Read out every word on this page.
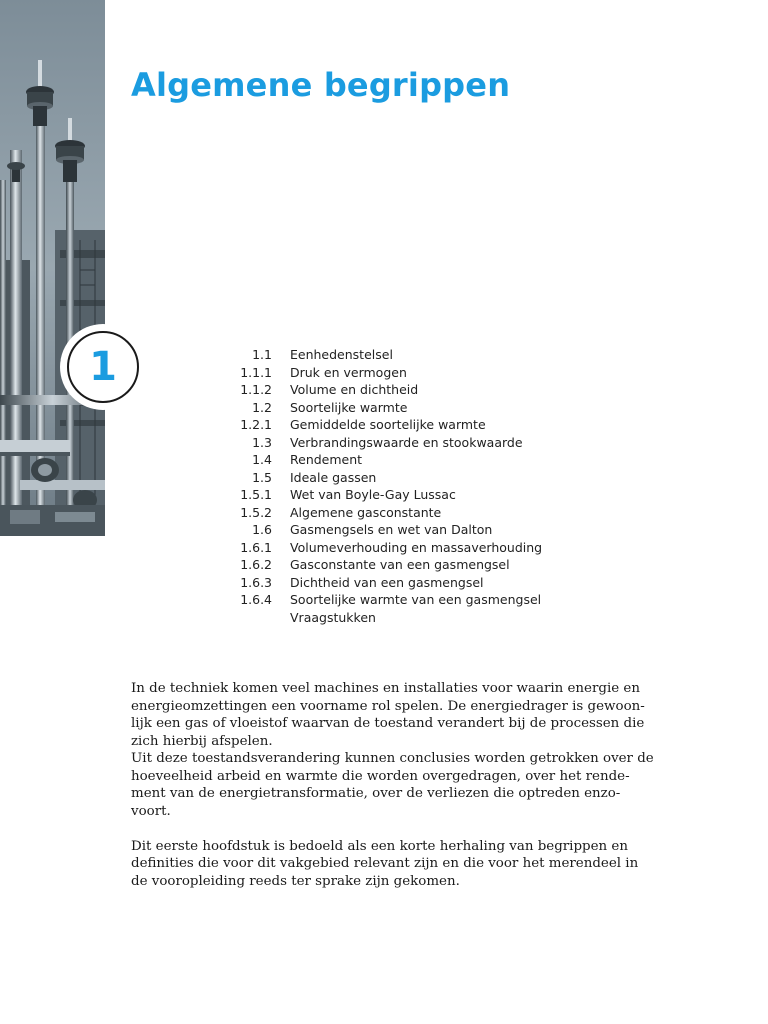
1
Algemene begrippen
1.1 Eenhedenstelsel
1.1.1 Druk en vermogen
1.1.2 Volume en dichtheid
1.2 Soortelijke warmte
1.2.1 Gemiddelde soortelijke warmte
1.3 Verbrandingswaarde en stookwaarde
1.4 Rendement
1.5 Ideale gassen
1.5.1 Wet van Boyle-Gay Lussac
1.5.2 Algemene gasconstante
1.6 Gasmengsels en wet van Dalton
1.6.1 Volumeverhouding en massaverhouding
1.6.2 Gasconstante van een gasmengsel
1.6.3 Dichtheid van een gasmengsel
1.6.4 Soortelijke warmte van een gasmengsel
Vraagstukken

In de techniek komen veel machines en installaties voor waarin energie en
energieomzettingen een voorname rol spelen. De energiedrager is gewoon-
lijk een gas of vloeistof waarvan de toestand verandert bij de processen die
zich hierbij afspelen.
Uit deze toestandsverandering kunnen conclusies worden getrokken over de
hoeveelheid arbeid en warmte die worden overgedragen, over het rende-
ment van de energietransformatie, over de verliezen die optreden enzo-
voort.

Dit eerste hoofdstuk is bedoeld als een korte herhaling van begrippen en
definities die voor dit vakgebied relevant zijn en die voor het merendeel in
de vooropleiding reeds ter sprake zijn gekomen.
